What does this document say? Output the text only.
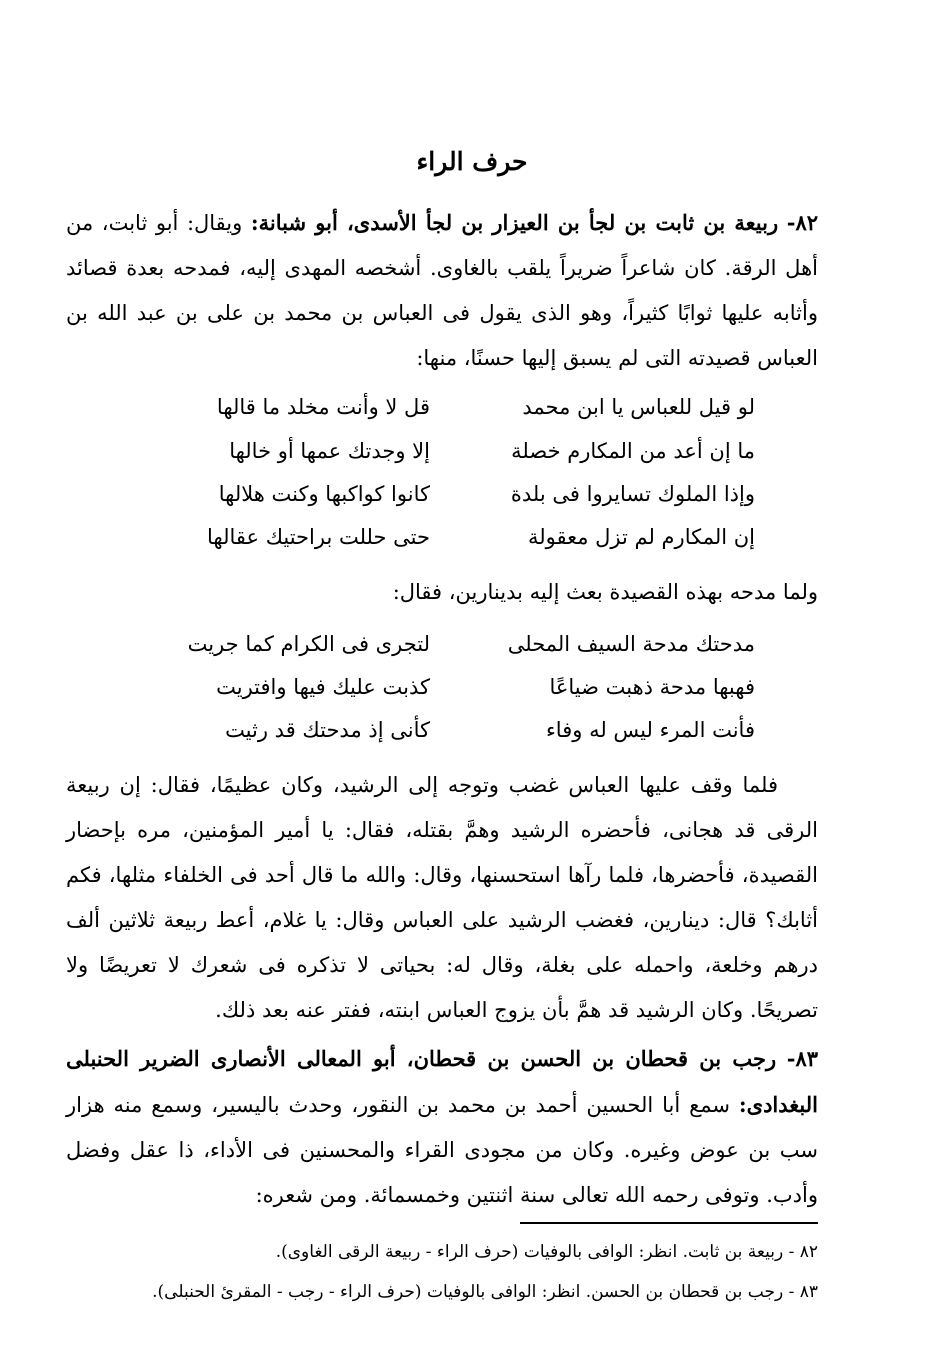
حرف الراء

٨٢- ربيعة بن ثابت بن لجأ بن العيزار بن لجأ الأسدى، أبو شبانة: ويقال: أبو ثابت، من أهل الرقة. كان شاعراً ضريراً يلقب بالغاوى. أشخصه المهدى إليه، فمدحه بعدة قصائد وأثابه عليها ثوابًا كثيراً، وهو الذى يقول فى العباس بن محمد بن على بن عبد الله بن العباس قصيدته التى لم يسبق إليها حسنًا، منها:

لو قيل للعباس يا ابن محمد
قل لا وأنت مخلد ما قالها
ما إن أعد من المكارم خصلة
إلا وجدتك عمها أو خالها
وإذا الملوك تسايروا فى بلدة
كانوا كواكبها وكنت هلالها
إن المكارم لم تزل معقولة
حتى حللت براحتيك عقالها
ولما مدحه بهذه القصيدة بعث إليه بدينارين، فقال:
مدحتك مدحة السيف المحلى
لتجرى فى الكرام كما جريت
فهبها مدحة ذهبت ضياعًا
كذبت عليك فيها وافتريت
فأنت المرء ليس له وفاء
كأنى إذ مدحتك قد رثيت

فلما وقف عليها العباس غضب وتوجه إلى الرشيد، وكان عظيمًا، فقال: إن ربيعة الرقى قد هجانى، فأحضره الرشيد وهمَّ بقتله، فقال: يا أمير المؤمنين، مره بإحضار القصيدة، فأحضرها، فلما رآها استحسنها، وقال: والله ما قال أحد فى الخلفاء مثلها، فكم أثابك؟ قال: دينارين، فغضب الرشيد على العباس وقال: يا غلام، أعط ربيعة ثلاثين ألف درهم وخلعة، واحمله على بغلة، وقال له: بحياتى لا تذكره فى شعرك لا تعريضًا ولا تصريحًا. وكان الرشيد قد همَّ بأن يزوج العباس ابنته، ففتر عنه بعد ذلك.

٨٣- رجب بن قحطان بن الحسن بن قحطان، أبو المعالى الأنصارى الضرير الحنبلى البغدادى: سمع أبا الحسين أحمد بن محمد بن النقور، وحدث باليسير، وسمع منه هزار سب بن عوض وغيره. وكان من مجودى القراء والمحسنين فى الأداء، ذا عقل وفضل وأدب. وتوفى رحمه الله تعالى سنة اثنتين وخمسمائة. ومن شعره:

٨٢ - ربيعة بن ثابت. انظر: الوافى بالوفيات (حرف الراء - ربيعة الرقى الغاوى).
٨٣ - رجب بن قحطان بن الحسن. انظر: الوافى بالوفيات (حرف الراء - رجب - المقرئ الحنبلى).
